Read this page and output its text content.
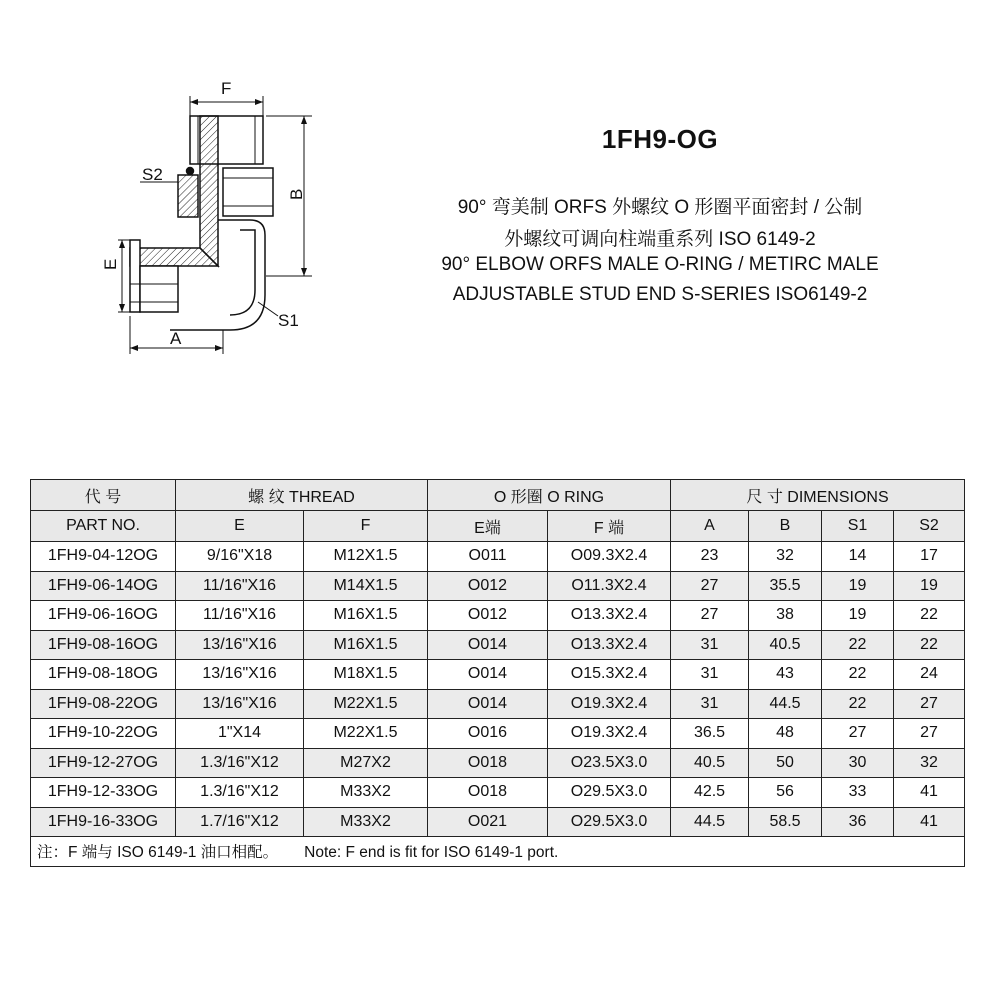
F
B
S2
E
A
S1
1FH9-OG
90° 弯美制 ORFS 外螺纹 O 形圈平面密封 / 公制
外螺纹可调向柱端重系列 ISO 6149-2
90° ELBOW ORFS MALE O-RING / METIRC MALE
ADJUSTABLE STUD END S-SERIES ISO6149-2
代 号	螺 纹 THREAD		O 形圈 O RING		尺 寸 DIMENSIONS			
PART NO.	E	F	E端	F 端	A	B	S1	S2
1FH9-04-12OG	9/16"X18	M12X1.5	O011	O09.3X2.4	23	32	14	17
1FH9-06-14OG	11/16"X16	M14X1.5	O012	O11.3X2.4	27	35.5	19	19
1FH9-06-16OG	11/16"X16	M16X1.5	O012	O13.3X2.4	27	38	19	22
1FH9-08-16OG	13/16"X16	M16X1.5	O014	O13.3X2.4	31	40.5	22	22
1FH9-08-18OG	13/16"X16	M18X1.5	O014	O15.3X2.4	31	43	22	24
1FH9-08-22OG	13/16"X16	M22X1.5	O014	O19.3X2.4	31	44.5	22	27
1FH9-10-22OG	1"X14	M22X1.5	O016	O19.3X2.4	36.5	48	27	27
1FH9-12-27OG	1.3/16"X12	M27X2	O018	O23.5X3.0	40.5	50	30	32
1FH9-12-33OG	1.3/16"X12	M33X2	O018	O29.5X3.0	42.5	56	33	41
1FH9-16-33OG	1.7/16"X12	M33X2	O021	O29.5X3.0	44.5	58.5	36	41
注：F 端与 ISO 6149-1 油口相配。 Note: F end is fit for ISO 6149-1 port.								
